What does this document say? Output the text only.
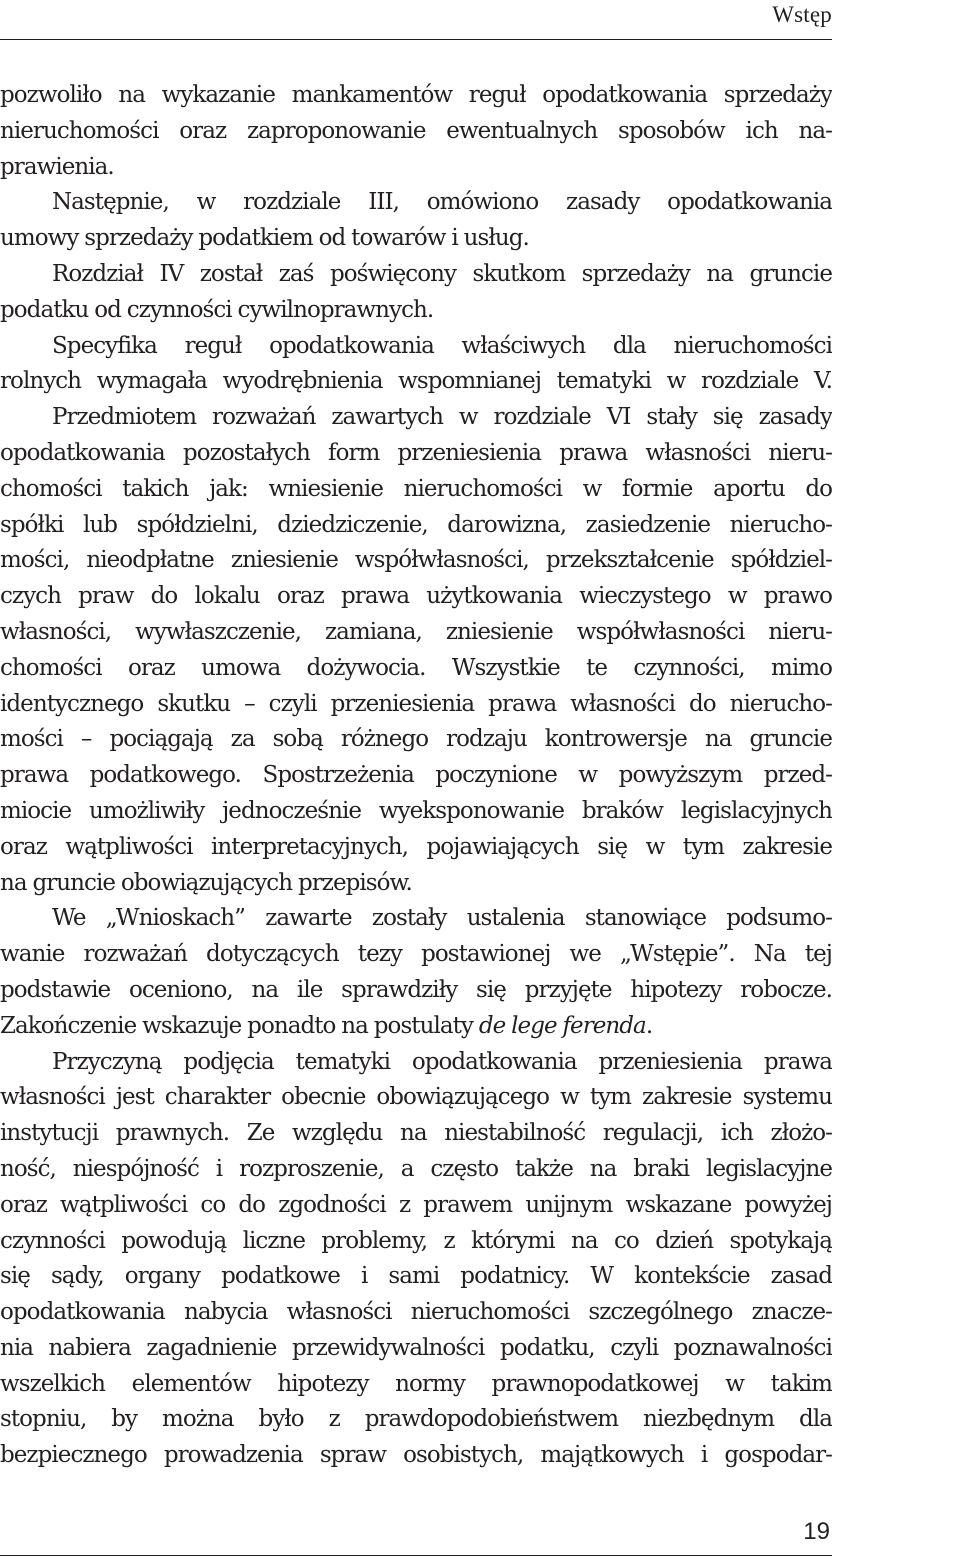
Wstęp
pozwoliło na wykazanie mankamentów reguł opodatkowania sprzedaży
nieruchomości oraz zaproponowanie ewentualnych sposobów ich na-
prawienia.
Następnie, w rozdziale III, omówiono zasady opodatkowania
umowy sprzedaży podatkiem od towarów i usług.
Rozdział IV został zaś poświęcony skutkom sprzedaży na gruncie
podatku od czynności cywilnoprawnych.
Specyfika reguł opodatkowania właściwych dla nieruchomości
rolnych wymagała wyodrębnienia wspomnianej tematyki w rozdziale V.
Przedmiotem rozważań zawartych w rozdziale VI stały się zasady
opodatkowania pozostałych form przeniesienia prawa własności nieru-
chomości takich jak: wniesienie nieruchomości w formie aportu do
spółki lub spółdzielni, dziedziczenie, darowizna, zasiedzenie nierucho-
mości, nieodpłatne zniesienie współwłasności, przekształcenie spółdziel-
czych praw do lokalu oraz prawa użytkowania wieczystego w prawo
własności, wywłaszczenie, zamiana, zniesienie współwłasności nieru-
chomości oraz umowa dożywocia. Wszystkie te czynności, mimo
identycznego skutku – czyli przeniesienia prawa własności do nierucho-
mości – pociągają za sobą różnego rodzaju kontrowersje na gruncie
prawa podatkowego. Spostrzeżenia poczynione w powyższym przed-
miocie umożliwiły jednocześnie wyeksponowanie braków legislacyjnych
oraz wątpliwości interpretacyjnych, pojawiających się w tym zakresie
na gruncie obowiązujących przepisów.
We „Wnioskach” zawarte zostały ustalenia stanowiące podsumo-
wanie rozważań dotyczących tezy postawionej we „Wstępie”. Na tej
podstawie oceniono, na ile sprawdziły się przyjęte hipotezy robocze.
Zakończenie wskazuje ponadto na postulaty de lege ferenda.
Przyczyną podjęcia tematyki opodatkowania przeniesienia prawa
własności jest charakter obecnie obowiązującego w tym zakresie systemu
instytucji prawnych. Ze względu na niestabilność regulacji, ich złożo-
ność, niespójność i rozproszenie, a często także na braki legislacyjne
oraz wątpliwości co do zgodności z prawem unijnym wskazane powyżej
czynności powodują liczne problemy, z którymi na co dzień spotykają
się sądy, organy podatkowe i sami podatnicy. W kontekście zasad
opodatkowania nabycia własności nieruchomości szczególnego znacze-
nia nabiera zagadnienie przewidywalności podatku, czyli poznawalności
wszelkich elementów hipotezy normy prawnopodatkowej w takim
stopniu, by można było z prawdopodobieństwem niezbędnym dla
bezpiecznego prowadzenia spraw osobistych, majątkowych i gospodar-
19
